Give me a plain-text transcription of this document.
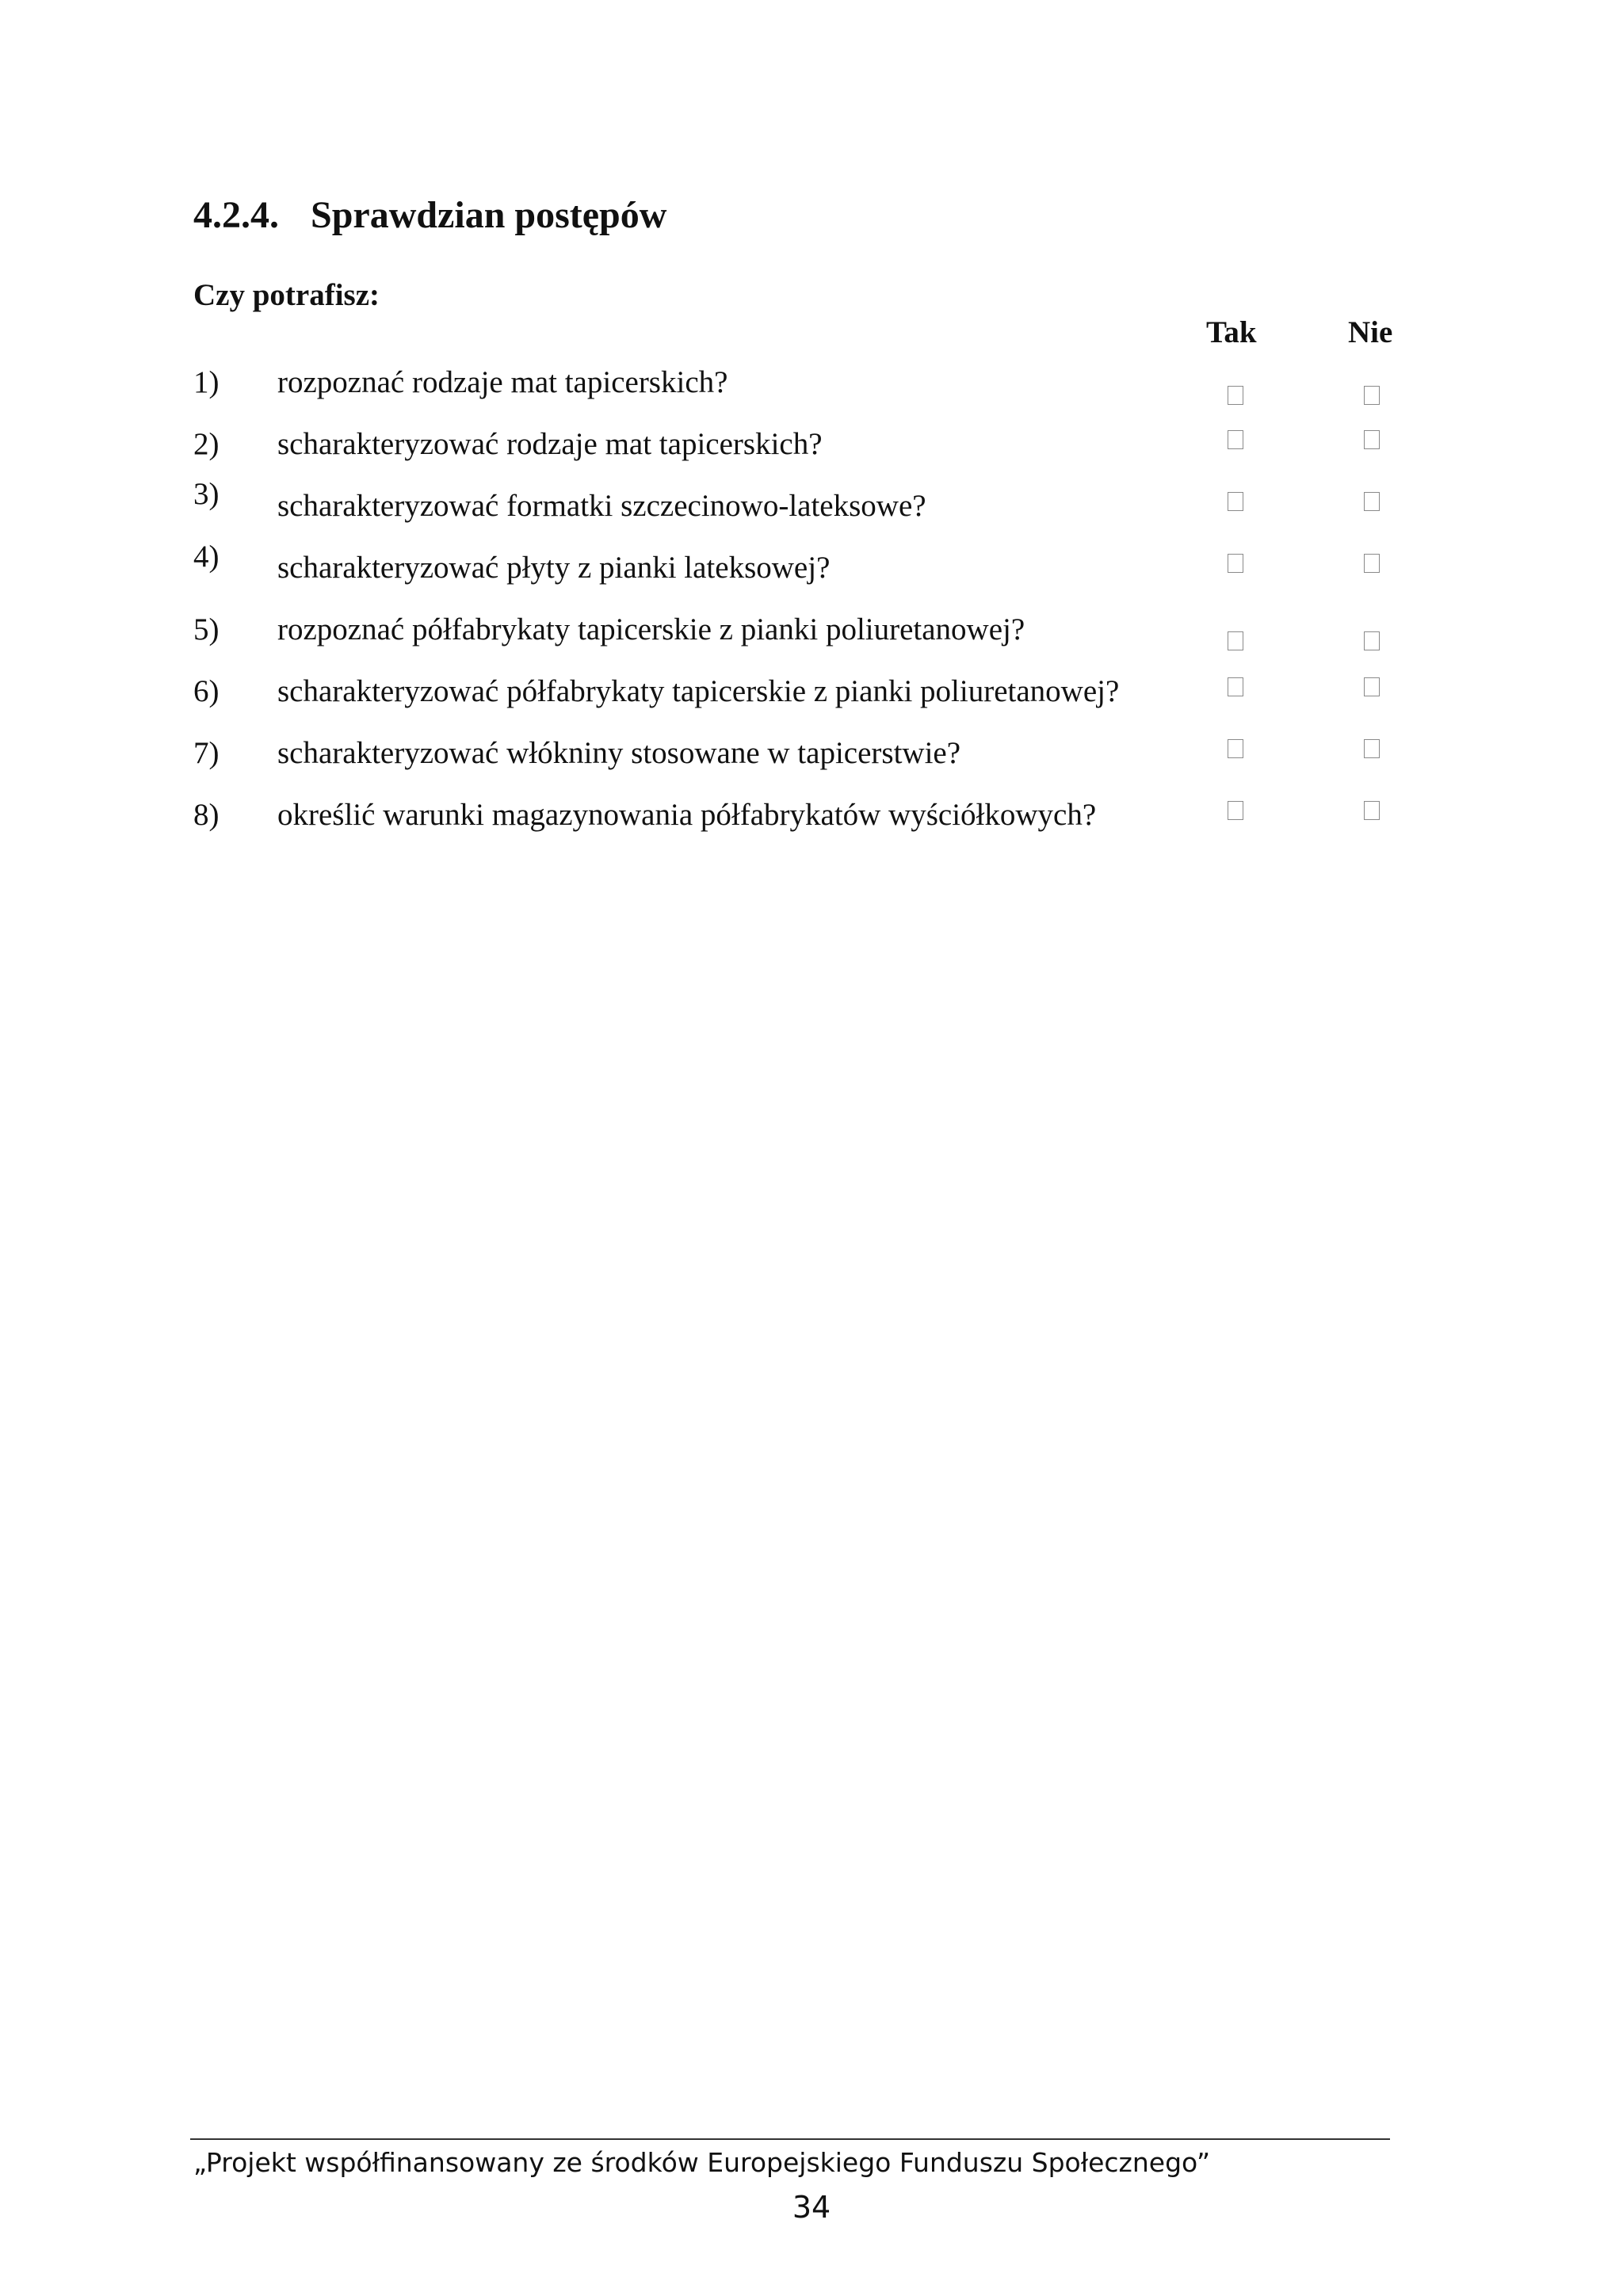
4.2.4. Sprawdzian postępów
Czy potrafisz:
Tak	Nie
1) rozpoznać rodzaje mat tapicerskich?
2) scharakteryzować rodzaje mat tapicerskich?
3) scharakteryzować formatki szczecinowo-lateksowe?
4) scharakteryzować płyty z pianki lateksowej?
5) rozpoznać półfabrykaty tapicerskie z pianki poliuretanowej?
6) scharakteryzować półfabrykaty tapicerskie z pianki poliuretanowej?
7) scharakteryzować włókniny stosowane w tapicerstwie?
8) określić warunki magazynowania półfabrykatów wyściółkowych?
„Projekt współfinansowany ze środków Europejskiego Funduszu Społecznego”
34
